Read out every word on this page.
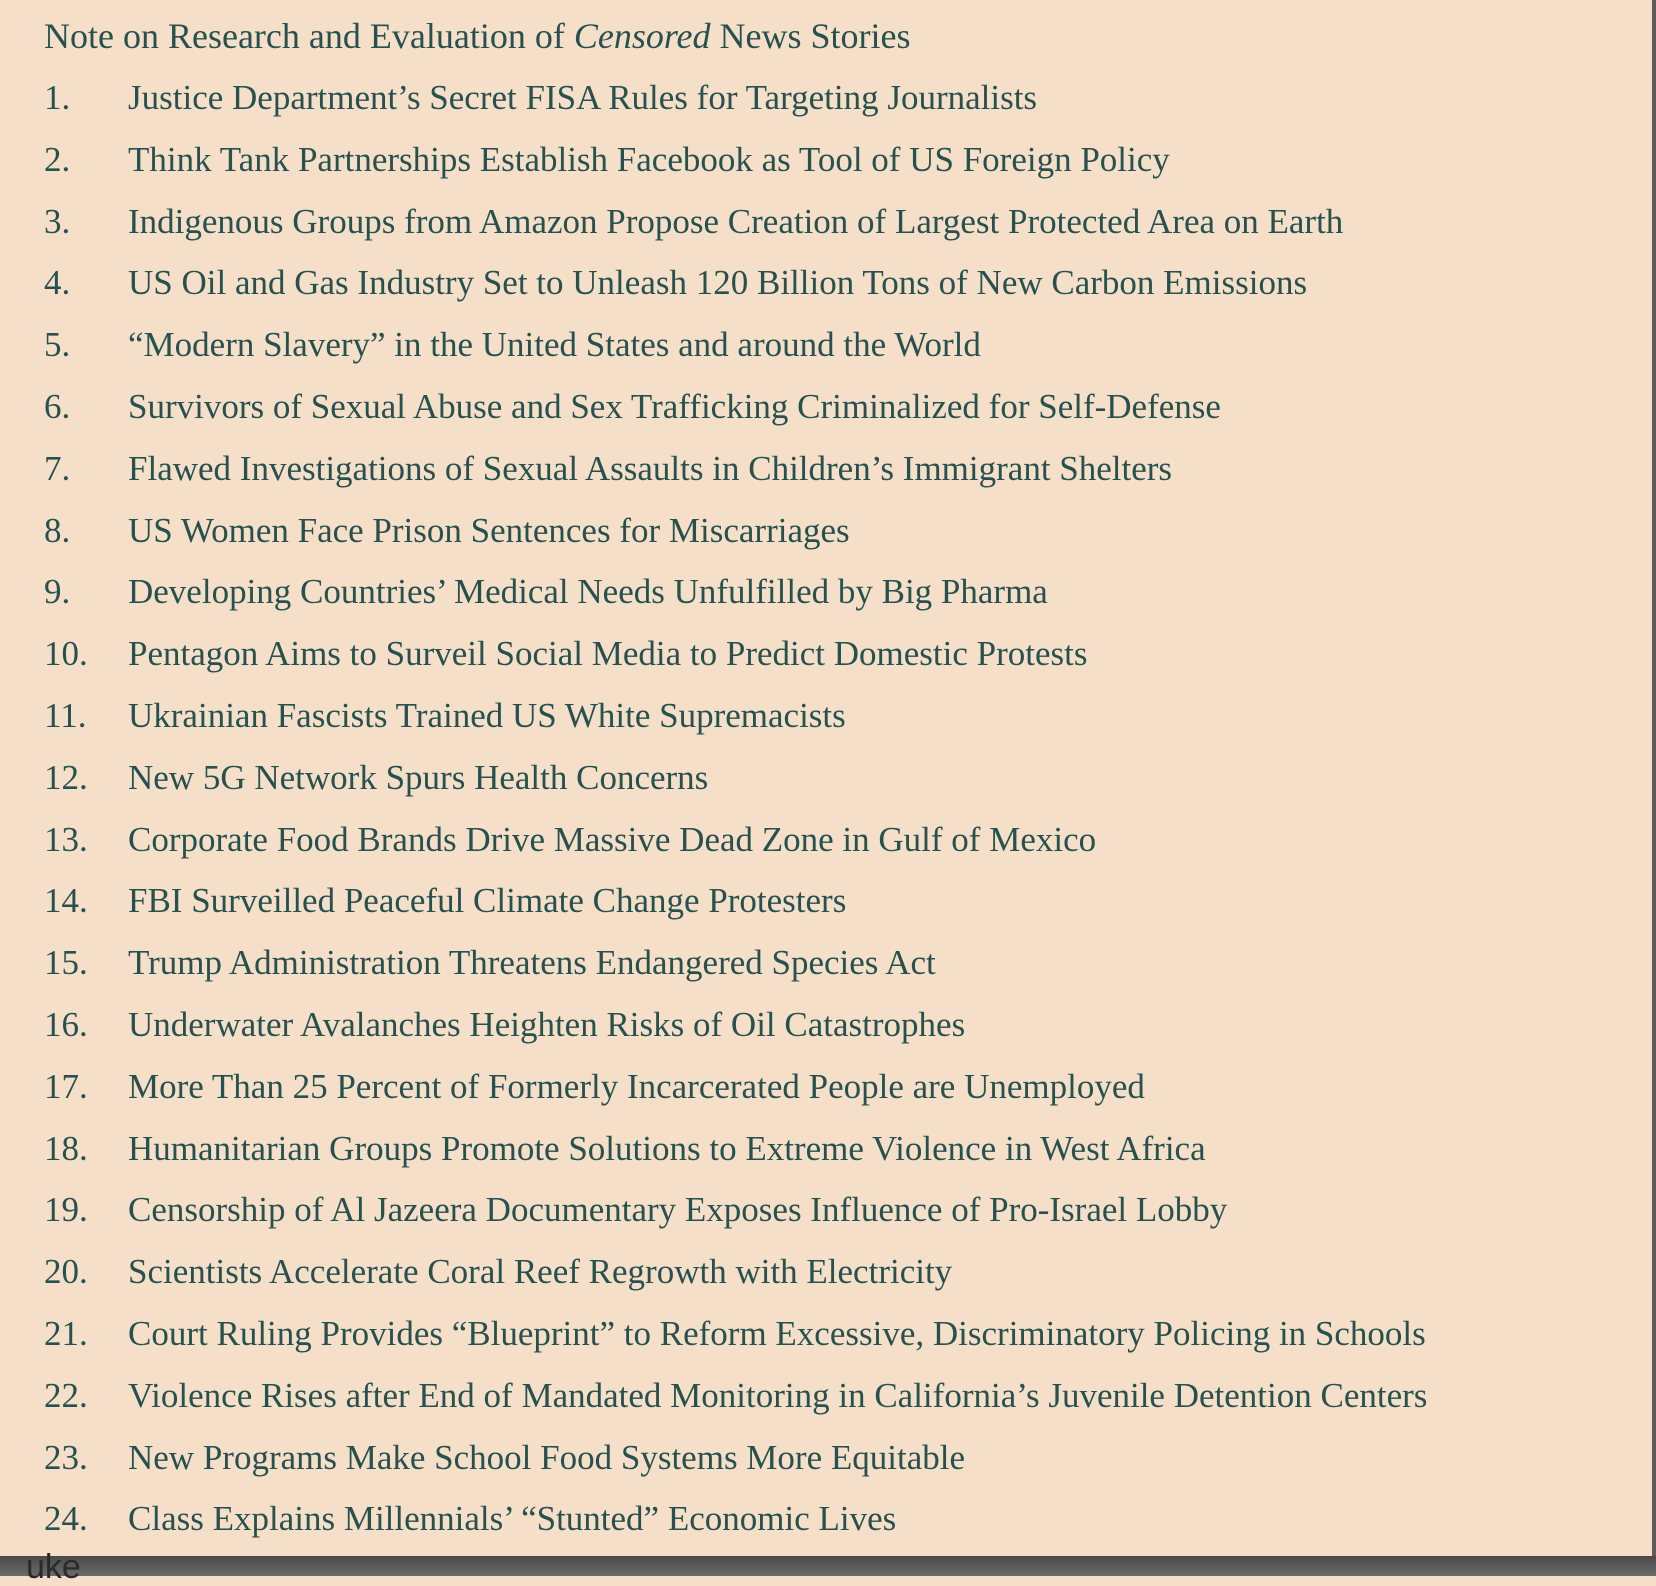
Note on Research and Evaluation of Censored News Stories
1.	Justice Department’s Secret FISA Rules for Targeting Journalists
2.	Think Tank Partnerships Establish Facebook as Tool of US Foreign Policy
3.	Indigenous Groups from Amazon Propose Creation of Largest Protected Area on Earth
4.	US Oil and Gas Industry Set to Unleash 120 Billion Tons of New Carbon Emissions
5.	“Modern Slavery” in the United States and around the World
6.	Survivors of Sexual Abuse and Sex Trafficking Criminalized for Self-Defense
7.	Flawed Investigations of Sexual Assaults in Children’s Immigrant Shelters
8.	US Women Face Prison Sentences for Miscarriages
9.	Developing Countries’ Medical Needs Unfulfilled by Big Pharma
10.	Pentagon Aims to Surveil Social Media to Predict Domestic Protests
11.	Ukrainian Fascists Trained US White Supremacists
12.	New 5G Network Spurs Health Concerns
13.	Corporate Food Brands Drive Massive Dead Zone in Gulf of Mexico
14.	FBI Surveilled Peaceful Climate Change Protesters
15.	Trump Administration Threatens Endangered Species Act
16.	Underwater Avalanches Heighten Risks of Oil Catastrophes
17.	More Than 25 Percent of Formerly Incarcerated People are Unemployed
18.	Humanitarian Groups Promote Solutions to Extreme Violence in West Africa
19.	Censorship of Al Jazeera Documentary Exposes Influence of Pro-Israel Lobby
20.	Scientists Accelerate Coral Reef Regrowth with Electricity
21.	Court Ruling Provides “Blueprint” to Reform Excessive, Discriminatory Policing in Schools
22.	Violence Rises after End of Mandated Monitoring in California’s Juvenile Detention Centers
23.	New Programs Make School Food Systems More Equitable
24.	Class Explains Millennials’ “Stunted” Economic Lives
uke
